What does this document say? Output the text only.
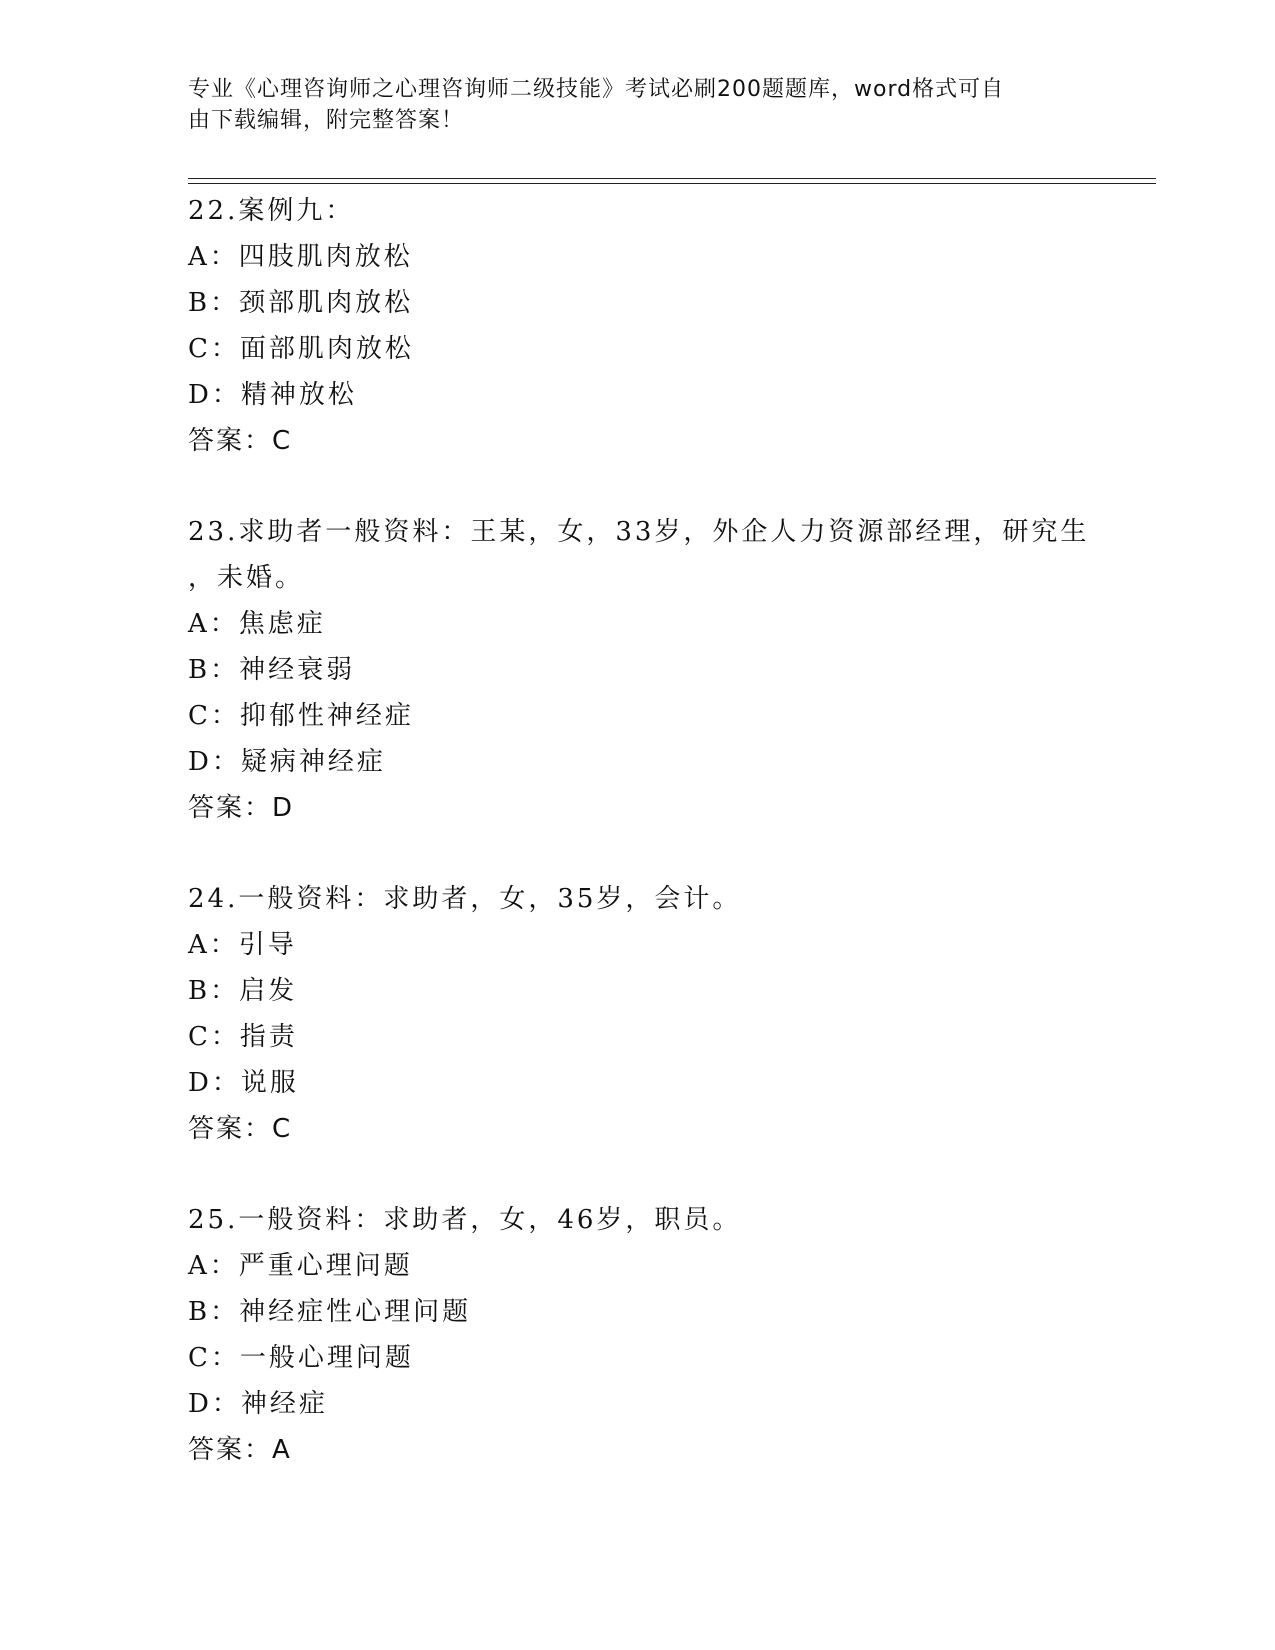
专业《心理咨询师之心理咨询师二级技能》考试必刷200题题库，word格式可自
由下载编辑，附完整答案！
22.案例九：
A：四肢肌肉放松
B：颈部肌肉放松
C：面部肌肉放松
D：精神放松
答案：C
23.求助者一般资料：王某，女，33岁，外企人力资源部经理，研究生
，未婚。
A：焦虑症
B：神经衰弱
C：抑郁性神经症
D：疑病神经症
答案：D
24.一般资料：求助者，女，35岁，会计。
A：引导
B：启发
C：指责
D：说服
答案：C
25.一般资料：求助者，女，46岁，职员。
A：严重心理问题
B：神经症性心理问题
C：一般心理问题
D：神经症
答案：A
